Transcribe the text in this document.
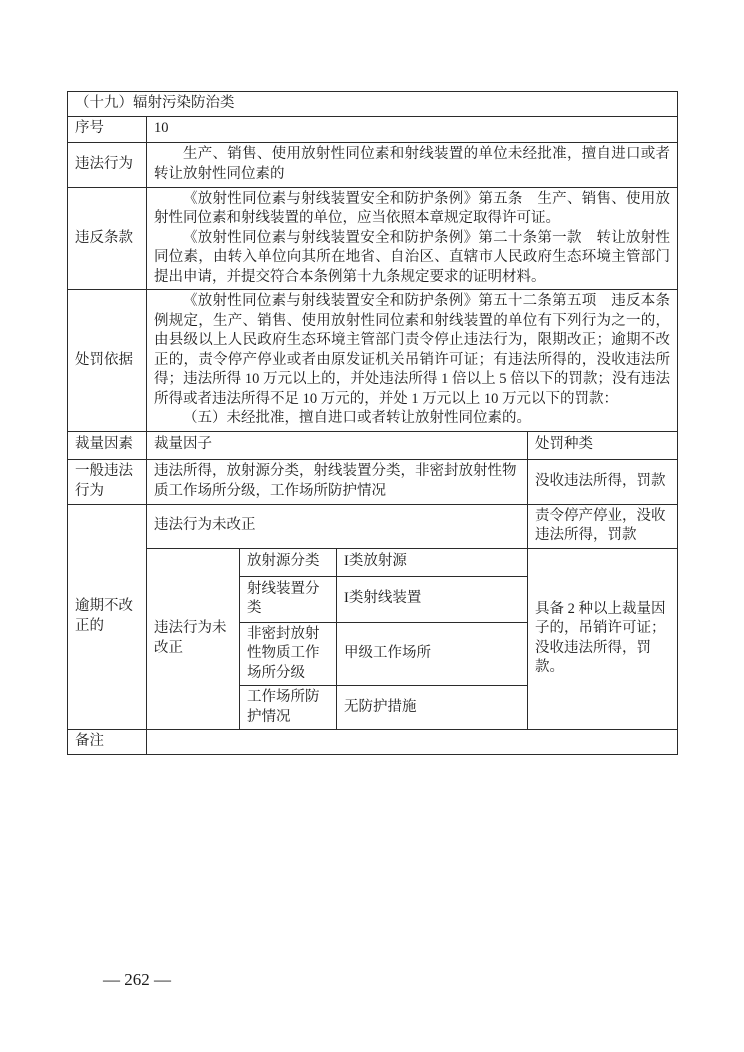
（十九）辐射污染防治类				
序号	10			
违法行为	生产、销售、使用放射性同位素和射线装置的单位未经批准，擅自进口或者转让放射性同位素的			

违反条款	《放射性同位素与射线装置安全和防护条例》第五条　生产、销售、使用放射性同位素和射线装置的单位，应当依照本章规定取得许可证。

《放射性同位素与射线装置安全和防护条例》第二十条第一款　转让放射性同位素，由转入单位向其所在地省、自治区、直辖市人民政府生态环境主管部门提出申请，并提交符合本条例第十九条规定要求的证明材料。			

处罚依据	《放射性同位素与射线装置安全和防护条例》第五十二条第五项　违反本条例规定，生产、销售、使用放射性同位素和射线装置的单位有下列行为之一的，由县级以上人民政府生态环境主管部门责令停止违法行为，限期改正；逾期不改正的，责令停产停业或者由原发证机关吊销许可证；有违法所得的，没收违法所得；违法所得 10 万元以上的，并处违法所得 1 倍以上 5 倍以下的罚款；没有违法所得或者违法所得不足 10 万元的，并处 1 万元以上 10 万元以下的罚款：

（五）未经批准，擅自进口或者转让放射性同位素的。			

裁量因素	裁量因子			处罚种类
一般违法行为	违法所得，放射源分类，射线装置分类，非密封放射性物质工作场所分级，工作场所防护情况			没收违法所得，罚款
逾期不改正的	违法行为未改正			责令停产停业，没收违法所得，罚款
	违法行为未改正	放射源分类	I类放射源	具备 2 种以上裁量因子的，吊销许可证；没收违法所得，罚款。
		射线装置分类	I类射线装置	
		非密封放射性物质工作场所分级	甲级工作场所	
		工作场所防护情况	无防护措施	
备注				
— 262 —
